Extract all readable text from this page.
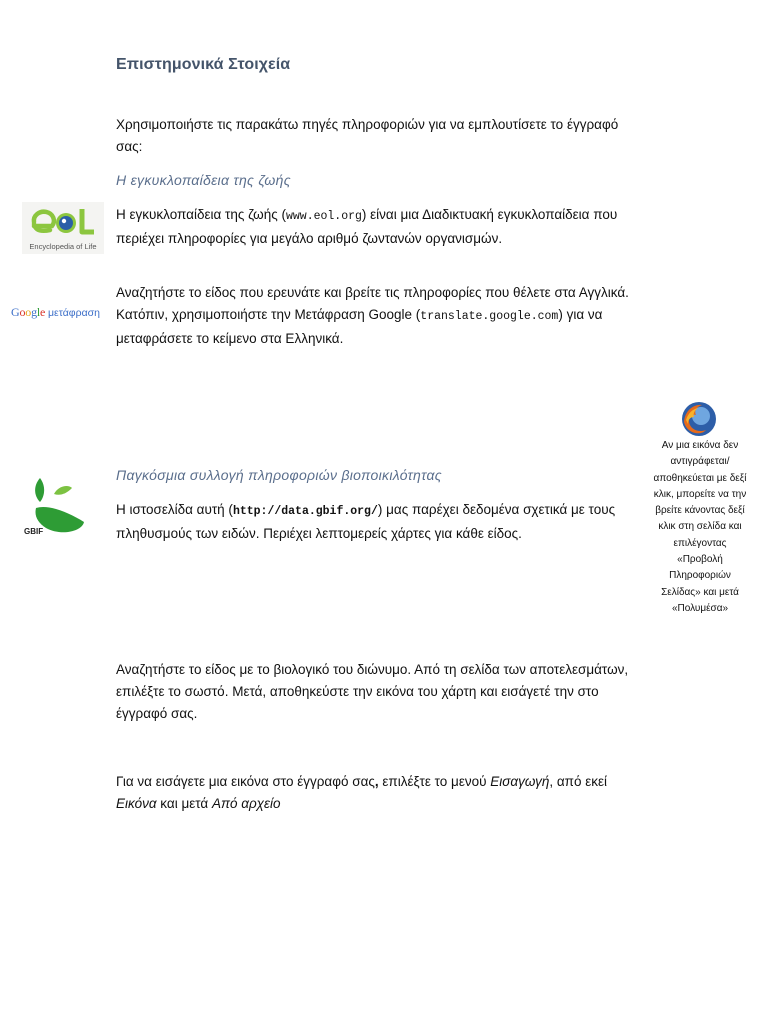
Επιστημονικά Στοιχεία
Χρησιμοποιήστε τις παρακάτω πηγές πληροφοριών για να εμπλουτίσετε το έγγραφό σας:
Η εγκυκλοπαίδεια της ζωής
Encyclopedia of Life
Η εγκυκλοπαίδεια της ζωής (www.eol.org) είναι μια Διαδικτυακή εγκυκλοπαίδεια που περιέχει πληροφορίες για μεγάλο αριθμό ζωντανών οργανισμών.
Google μετάφραση
Αναζητήστε το είδος που ερευνάτε και βρείτε τις πληροφορίες που θέλετε στα Αγγλικά. Κατόπιν, χρησιμοποιήστε την Μετάφραση Google (translate.google.com) για να μεταφράσετε το κείμενο στα Ελληνικά.
Αν μια εικόνα δεν αντιγράφεται/ αποθηκεύεται με δεξί κλικ, μπορείτε να την βρείτε κάνοντας δεξί κλικ στη σελίδα και επιλέγοντας «Προβολή Πληροφοριών Σελίδας» και μετά «Πολυμέσα»
Παγκόσμια συλλογή πληροφοριών βιοποικιλότητας
GBIF
Η ιστοσελίδα αυτή (http://data.gbif.org/) μας παρέχει δεδομένα σχετικά με τους πληθυσμούς των ειδών. Περιέχει λεπτομερείς χάρτες για κάθε είδος.
Αναζητήστε το είδος με το βιολογικό του διώνυμο. Από τη σελίδα των αποτελεσμάτων, επιλέξτε το σωστό. Μετά, αποθηκεύστε την εικόνα του χάρτη και εισάγετέ την στο έγγραφό σας.
Για να εισάγετε μια εικόνα στο έγγραφό σας, επιλέξτε το μενού Εισαγωγή, από εκεί Εικόνα και μετά Από αρχείο
